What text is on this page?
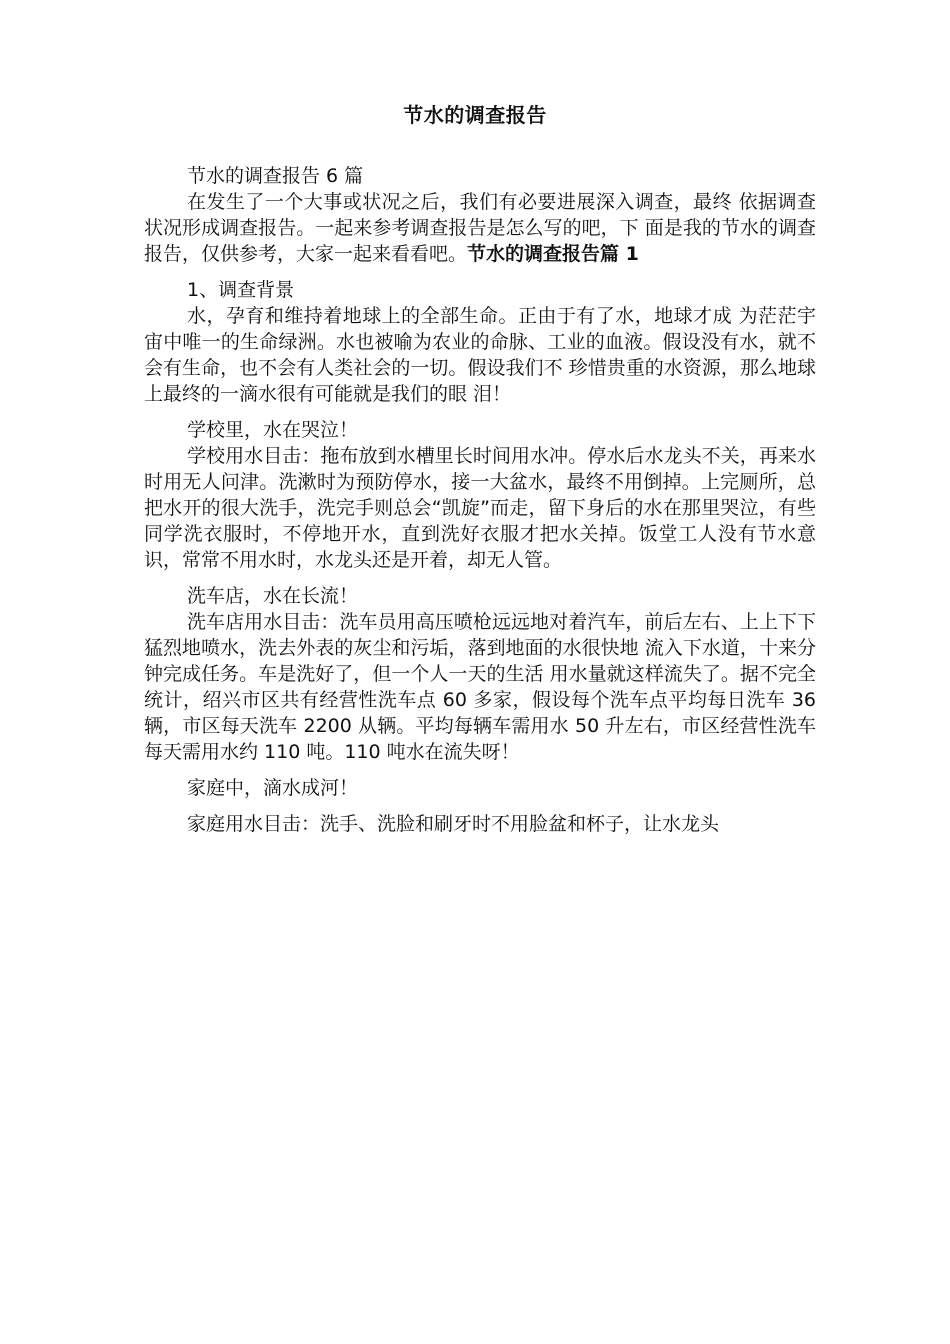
节水的调查报告

节水的调查报告 6 篇

在发生了一个大事或状况之后，我们有必要进展深入调查，最终 依据调查状况形成调查报告。一起来参考调查报告是怎么写的吧，下 面是我的节水的调查报告，仅供参考，大家一起来看看吧。节水的调查报告篇 1

1、调查背景

水，孕育和维持着地球上的全部生命。正由于有了水，地球才成 为茫茫宇宙中唯一的生命绿洲。水也被喻为农业的命脉、工业的血液。假设没有水，就不会有生命，也不会有人类社会的一切。假设我们不 珍惜贵重的水资源，那么地球上最终的一滴水很有可能就是我们的眼 泪！

学校里，水在哭泣！

学校用水目击：拖布放到水槽里长时间用水冲。停水后水龙头不关，再来水时用无人问津。洗漱时为预防停水，接一大盆水，最终不用倒掉。上完厕所，总把水开的很大洗手，洗完手则总会“凯旋”而走，留下身后的水在那里哭泣，有些同学洗衣服时，不停地开水，直到洗好衣服才把水关掉。饭堂工人没有节水意识，常常不用水时，水龙头还是开着，却无人管。

洗车店，水在长流！

洗车店用水目击：洗车员用高压喷枪远远地对着汽车，前后左右、上上下下猛烈地喷水，洗去外表的灰尘和污垢，落到地面的水很快地 流入下水道，十来分钟完成任务。车是洗好了，但一个人一天的生活 用水量就这样流失了。据不完全统计，绍兴市区共有经营性洗车点 60 多家，假设每个洗车点平均每日洗车 36 辆，市区每天洗车 2200 从辆。平均每辆车需用水 50 升左右，市区经营性洗车每天需用水约 110 吨。110 吨水在流失呀！

家庭中，滴水成河！

家庭用水目击：洗手、洗脸和刷牙时不用脸盆和杯子，让水龙头
